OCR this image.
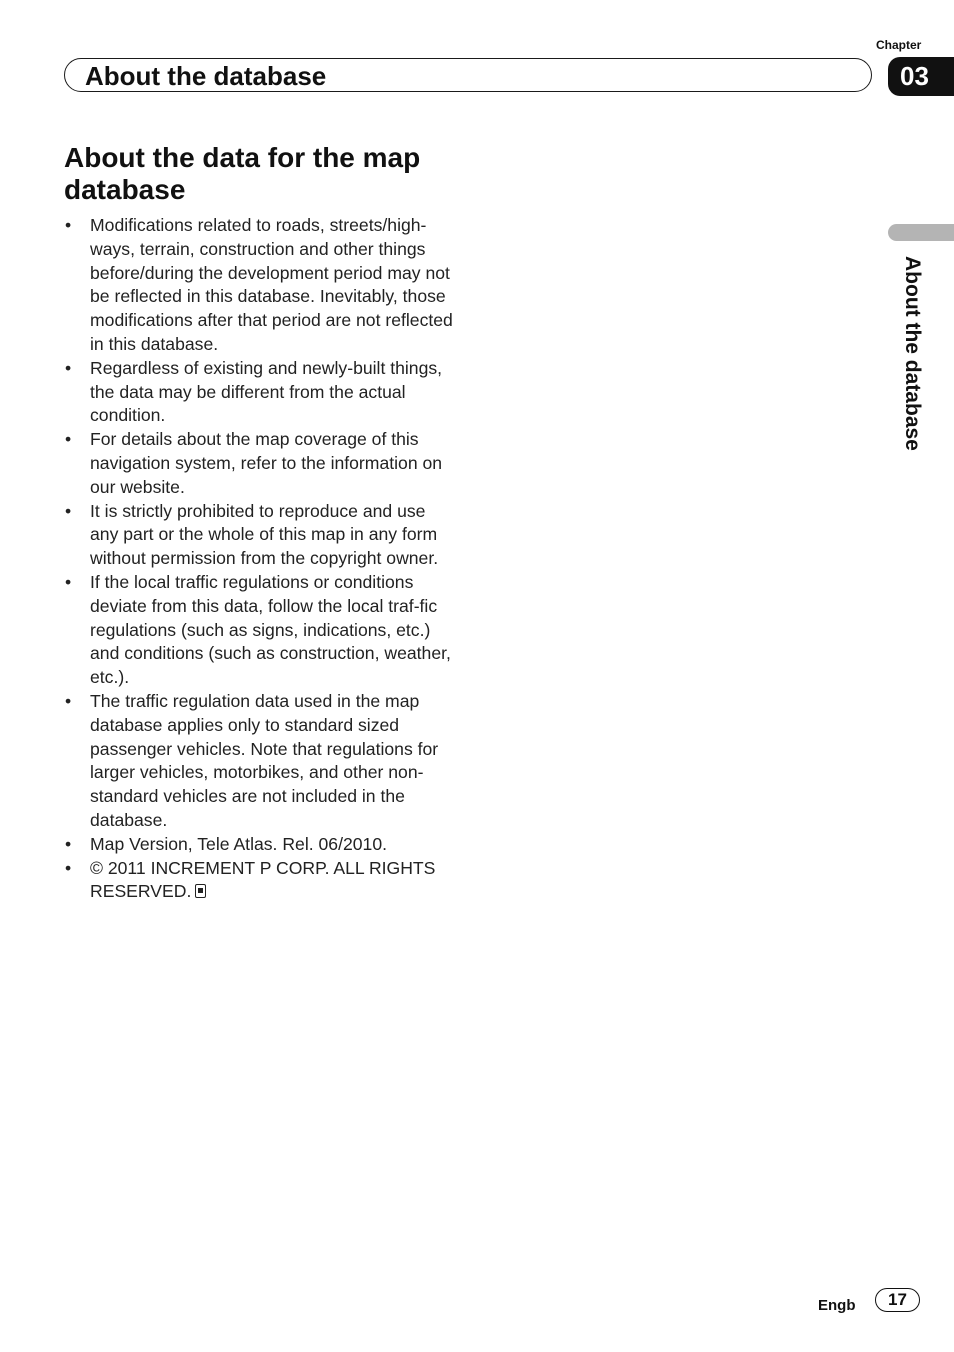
About the database
Chapter
03
About the database
About the data for the map database
• Modifications related to roads, streets/high-ways, terrain, construction and other things before/during the development period may not be reflected in this database. Inevitably, those modifications after that period are not reflected in this database.
• Regardless of existing and newly-built things, the data may be different from the actual condition.
• For details about the map coverage of this navigation system, refer to the information on our website.
• It is strictly prohibited to reproduce and use any part or the whole of this map in any form without permission from the copyright owner.
• If the local traffic regulations or conditions deviate from this data, follow the local traf-fic regulations (such as signs, indications, etc.) and conditions (such as construction, weather, etc.).
• The traffic regulation data used in the map database applies only to standard sized passenger vehicles. Note that regulations for larger vehicles, motorbikes, and other non-standard vehicles are not included in the database.
• Map Version, Tele Atlas. Rel. 06/2010.
• © 2011 INCREMENT P CORP. ALL RIGHTS RESERVED.
Engb	17
